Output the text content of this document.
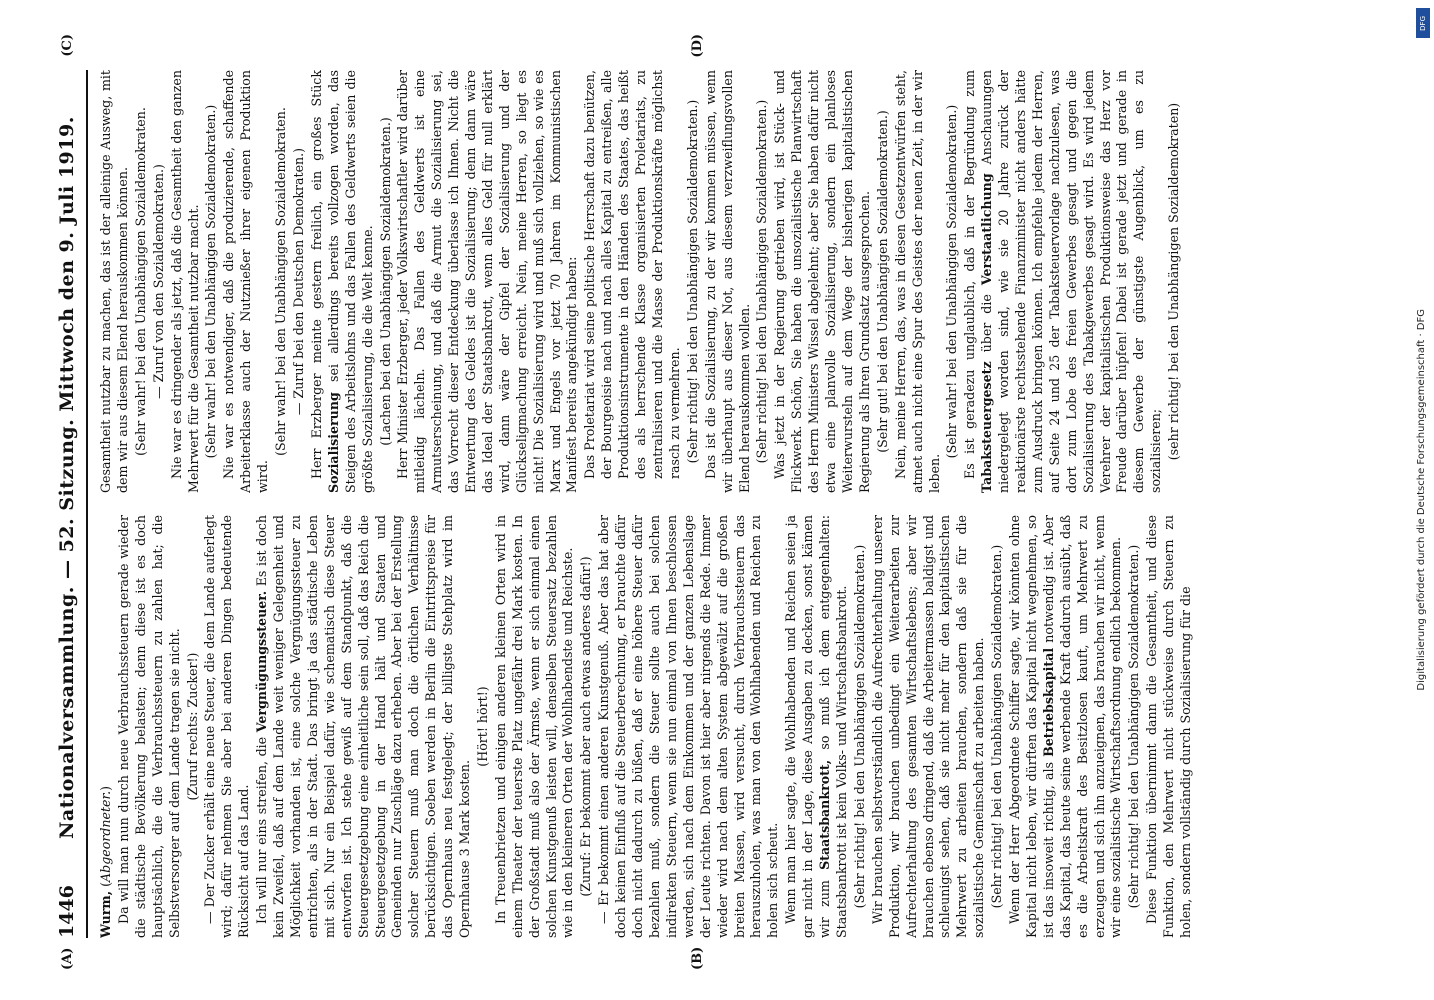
1446
Nationalversammlung. — 52. Sitzung. Mittwoch den 9. Juli 1919.
(A)	(B)
(C)	(D)

Wurm, (Abgeordneter.) Da will man nun durch neue Verbrauchssteuern gerade wieder die städtische Bevölkerung belasten; denn diese ist es doch hauptsächlich, die die Verbrauchssteuern zu zahlen hat; die Selbstversorger auf dem Lande tragen sie nicht. (Zuruf rechts: Zucker!) — Der Zucker erhält eine neue Steuer, die dem Lande auferlegt wird; dafür nehmen Sie aber bei anderen Dingen bedeutende Rücksicht auf das Land. Ich will nur eins streifen, die Vergnügungssteuer. Es ist doch kein Zweifel, daß auf dem Lande weit weniger Gelegenheit und Möglichkeit vorhanden ist, eine solche Vergnügungssteuer zu entrichten, als in der Stadt. Das bringt ja das städtische Leben mit sich. Nur ein Beispiel dafür, wie schematisch diese Steuer entworfen ist. Ich stehe gewiß auf dem Standpunkt, daß die Steuergesetzgebung eine einheitliche sein soll, daß das Reich die Steuergesetzgebung in der Hand hält und Staaten und Gemeinden nur Zuschläge dazu erheben. Aber bei der Erstellung solcher Steuern muß man doch die örtlichen Verhältnisse berücksichtigen. Soeben werden in Berlin die Eintrittspreise für das Opernhaus neu festgelegt; der billigste Stehplatz wird im Opernhause 3 Mark kosten.

(Hört! hört!) In Treuenbrietzen und einigen anderen kleinen Orten wird in einem Theater der teuerste Platz ungefähr drei Mark kosten. In der Großstadt muß also der Ärmste, wenn er sich einmal einen solchen Kunstgenuß leisten will, denselben Steuersatz bezahlen wie in den kleineren Orten der Wohlhabendste und Reichste. (Zuruf: Er bekommt aber auch etwas anderes dafür!) — Er bekommt einen anderen Kunstgenuß. Aber das hat aber doch keinen Einfluß auf die Steuerberechnung, er brauchte dafür doch nicht dadurch zu büßen, daß er eine höhere Steuer dafür bezahlen muß, sondern die Steuer sollte auch bei solchen indirekten Steuern, wenn sie nun einmal von Ihnen beschlossen werden, sich nach dem Einkommen und der ganzen Lebenslage der Leute richten. Davon ist hier aber nirgends die Rede. Immer wieder wird nach dem alten System abgewälzt auf die großen breiten Massen, wird versucht, durch Verbrauchssteuern das herauszuholen, was man von den Wohlhabenden und Reichen zu holen sich scheut. Wenn man hier sagte, die Wohlhabenden und Reichen seien ja gar nicht in der Lage, diese Ausgaben zu decken, sonst kämen wir zum Staatsbankrott, so muß ich dem entgegenhalten: Staatsbankrott ist kein Volks- und Wirtschaftsbankrott. (Sehr richtig! bei den Unabhängigen Sozialdemokraten.) Wir brauchen selbstverständlich die Aufrechterhaltung unserer Produktion, wir brauchen unbedingt ein Weiterarbeiten zur Aufrechterhaltung des gesamten Wirtschaftslebens; aber wir brauchen ebenso dringend, daß die Arbeitermassen baldigst und schleunigst sehen, daß sie nicht mehr für den kapitalistischen Mehrwert zu arbeiten brauchen, sondern daß sie für die sozialistische Gemeinschaft zu arbeiten haben. (Sehr richtig! bei den Unabhängigen Sozialdemokraten.) Wenn der Herr Abgeordnete Schiffer sagte, wir könnten ohne Kapital nicht leben, wir dürften das Kapital nicht wegnehmen, so ist das insoweit richtig, als Betriebskapital notwendig ist. Aber das Kapital, das heute seine werbende Kraft dadurch ausübt, daß es die Arbeitskraft des Besitzlosen kauft, um Mehrwert zu erzeugen und sich ihn anzueignen, das brauchen wir nicht, wenn wir eine sozialistische Wirtschaftsordnung endlich bekommen. (Sehr richtig! bei den Unabhängigen Sozialdemokraten.) Diese Funktion übernimmt dann die Gesamtheit, und diese Funktion, den Mehrwert nicht stückweise durch Steuern zu holen, sondern vollständig durch Sozialisierung für die

Gesamtheit nutzbar zu machen, das ist der alleinige Ausweg, mit dem wir aus diesem Elend herauskommen können. (Sehr wahr! bei den Unabhängigen Sozialdemokraten. — Zuruf von den Sozialdemokraten.) Nie war es dringender als jetzt, daß die Gesamtheit den ganzen Mehrwert für die Gesamtheit nutzbar macht. (Sehr wahr! bei den Unabhängigen Sozialdemokraten.) Nie war es notwendiger, daß die produzierende, schaffende Arbeiterklasse auch der Nutznießer ihrer eigenen Produktion wird.

(Sehr wahr! bei den Unabhängigen Sozialdemokraten. — Zuruf bei den Deutschen Demokraten.) Herr Erzberger meinte gestern freilich, ein großes Stück Sozialisierung sei allerdings bereits vollzogen worden, das Steigen des Arbeitslohns und das Fallen des Geldwerts seien die größte Sozialisierung, die die Welt kenne. (Lachen bei den Unabhängigen Sozialdemokraten.) Herr Minister Erzberger, jeder Volkswirtschaftler wird darüber mitleidig lächeln. Das Fallen des Geldwerts ist eine Armutserscheinung, und daß die Armut die Sozialisierung sei, das Vorrecht dieser Entdeckung überlasse ich Ihnen. Nicht die Entwertung des Geldes ist die Sozialisierung; denn dann wäre das Ideal der Staatsbankrott, wenn alles Geld für null erklärt wird, dann wäre der Gipfel der Sozialisierung und der Glückseligmachung erreicht. Nein, meine Herren, so liegt es nicht! Die Sozialisierung wird und muß sich vollziehen, so wie es Marx und Engels vor jetzt 70 Jahren im Kommunistischen Manifest bereits angekündigt haben: Das Proletariat wird seine politische Herrschaft dazu benützen, der Bourgeoisie nach und nach alles Kapital zu entreißen, alle Produktionsinstrumente in den Händen des Staates, das heißt des als herrschende Klasse organisierten Proletariats, zu zentralisieren und die Masse der Produktionskräfte möglichst rasch zu vermehren. (Sehr richtig! bei den Unabhängigen Sozialdemokraten.) Das ist die Sozialisierung, zu der wir kommen müssen, wenn wir überhaupt aus dieser Not, aus diesem verzweiflungsvollen Elend herauskommen wollen. (Sehr richtig! bei den Unabhängigen Sozialdemokraten.) Was jetzt in der Regierung getrieben wird, ist Stück- und Flickwerk. Schön, Sie haben die unsozialistische Planwirtschaft des Herrn Ministers Wissel abgelehnt; aber Sie haben dafür nicht etwa eine planvolle Sozialisierung, sondern ein planloses Weiterwursteln auf dem Wege der bisherigen kapitalistischen Regierung als Ihren Grundsatz ausgesprochen. (Sehr gut! bei den Unabhängigen Sozialdemokraten.) Nein, meine Herren, das, was in diesen Gesetzentwürfen steht, atmet auch nicht eine Spur des Geistes der neuen Zeit, in der wir leben.

(Sehr wahr! bei den Unabhängigen Sozialdemokraten.) Es ist geradezu unglaublich, daß in der Begründung zum Tabaksteuergesetz über die Verstaatlichung Anschauungen niedergelegt worden sind, wie sie 20 Jahre zurück der reaktionärste rechtsstehende Finanzminister nicht anders hätte zum Ausdruck bringen können. Ich empfehle jedem der Herren, auf Seite 24 und 25 der Tabaksteuervorlage nachzulesen, was dort zum Lobe des freien Gewerbes gesagt und gegen die Sozialisierung des Tabakgewerbes gesagt wird. Es wird jedem Verehrer der kapitalistischen Produktionsweise das Herz vor Freude darüber hüpfen! Dabei ist gerade jetzt und gerade in diesem Gewerbe der günstigste Augenblick, um es zu sozialisieren; (sehr richtig! bei den Unabhängigen Sozialdemokraten)

Digitalisierung gefördert durch die Deutsche Forschungsgemeinschaft · DFG
DFG
